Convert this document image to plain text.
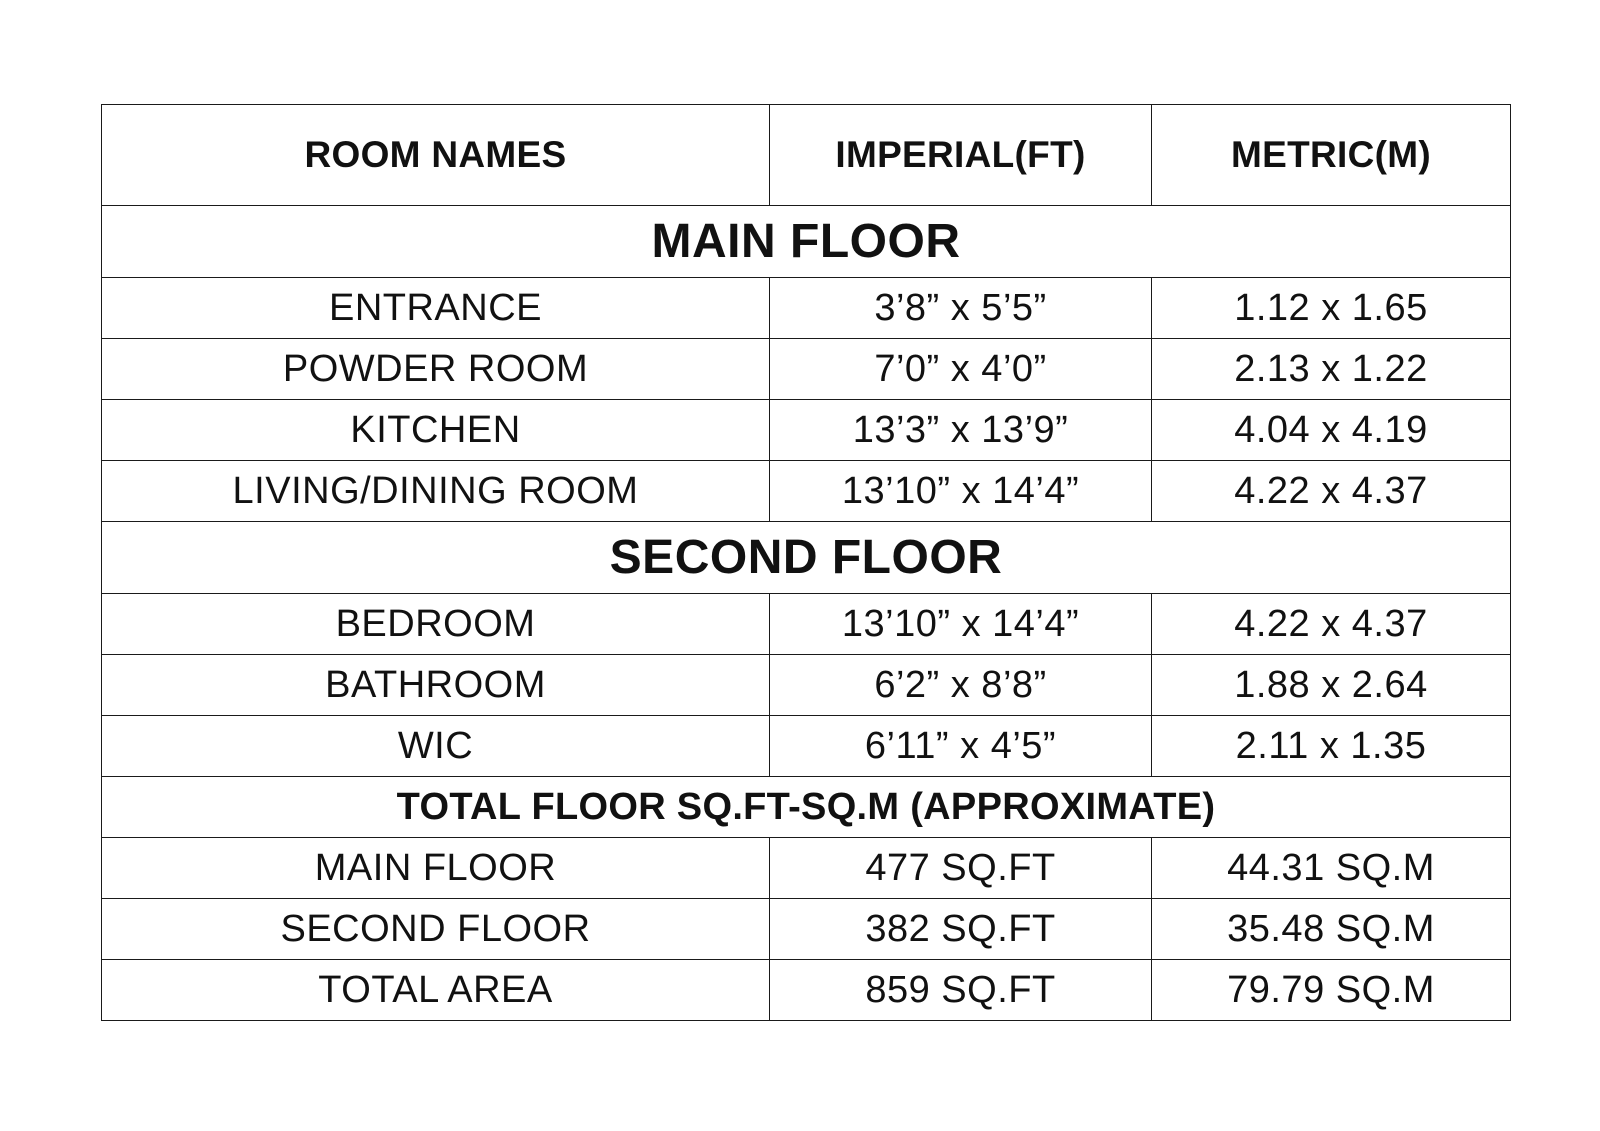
ROOM NAMES	IMPERIAL(FT)	METRIC(M)
MAIN FLOOR		
ENTRANCE	3’8” x 5’5”	1.12 x 1.65
POWDER ROOM	7’0” x 4’0”	2.13 x 1.22
KITCHEN	13’3” x 13’9”	4.04 x 4.19
LIVING/DINING ROOM	13’10” x 14’4”	4.22 x 4.37
SECOND FLOOR		
BEDROOM	13’10” x 14’4”	4.22 x 4.37
BATHROOM	6’2” x 8’8”	1.88 x 2.64
WIC	6’11” x 4’5”	2.11 x 1.35
TOTAL FLOOR SQ.FT-SQ.M (APPROXIMATE)		
MAIN FLOOR	477 SQ.FT	44.31 SQ.M
SECOND FLOOR	382 SQ.FT	35.48 SQ.M
TOTAL AREA	859 SQ.FT	79.79 SQ.M
